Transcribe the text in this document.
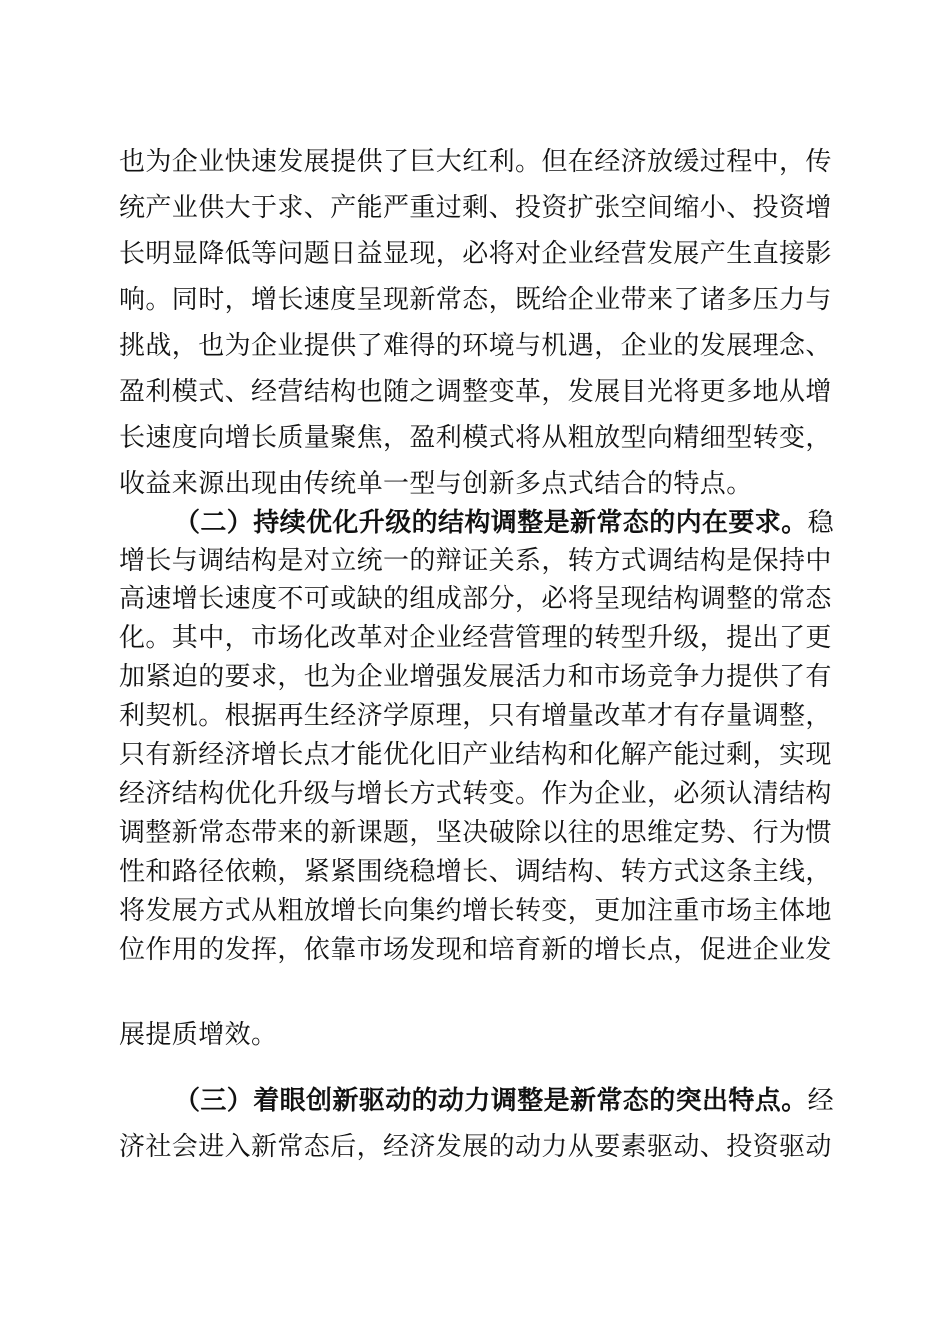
也为企业快速发展提供了巨大红利。但在经济放缓过程中，传
统产业供大于求、产能严重过剩、投资扩张空间缩小、投资增
长明显降低等问题日益显现，必将对企业经营发展产生直接影
响。同时，增长速度呈现新常态，既给企业带来了诸多压力与
挑战，也为企业提供了难得的环境与机遇，企业的发展理念、
盈利模式、经营结构也随之调整变革，发展目光将更多地从增
长速度向增长质量聚焦，盈利模式将从粗放型向精细型转变，
收益来源出现由传统单一型与创新多点式结合的特点。
（二）持续优化升级的结构调整是新常态的内在要求。稳
增长与调结构是对立统一的辩证关系，转方式调结构是保持中
高速增长速度不可或缺的组成部分，必将呈现结构调整的常态
化。其中，市场化改革对企业经营管理的转型升级，提出了更
加紧迫的要求，也为企业增强发展活力和市场竞争力提供了有
利契机。根据再生经济学原理，只有增量改革才有存量调整，
只有新经济增长点才能优化旧产业结构和化解产能过剩，实现
经济结构优化升级与增长方式转变。作为企业，必须认清结构
调整新常态带来的新课题，坚决破除以往的思维定势、行为惯
性和路径依赖，紧紧围绕稳增长、调结构、转方式这条主线，
将发展方式从粗放增长向集约增长转变，更加注重市场主体地
位作用的发挥，依靠市场发现和培育新的增长点，促进企业发
展提质增效。
（三）着眼创新驱动的动力调整是新常态的突出特点。经
济社会进入新常态后，经济发展的动力从要素驱动、投资驱动
